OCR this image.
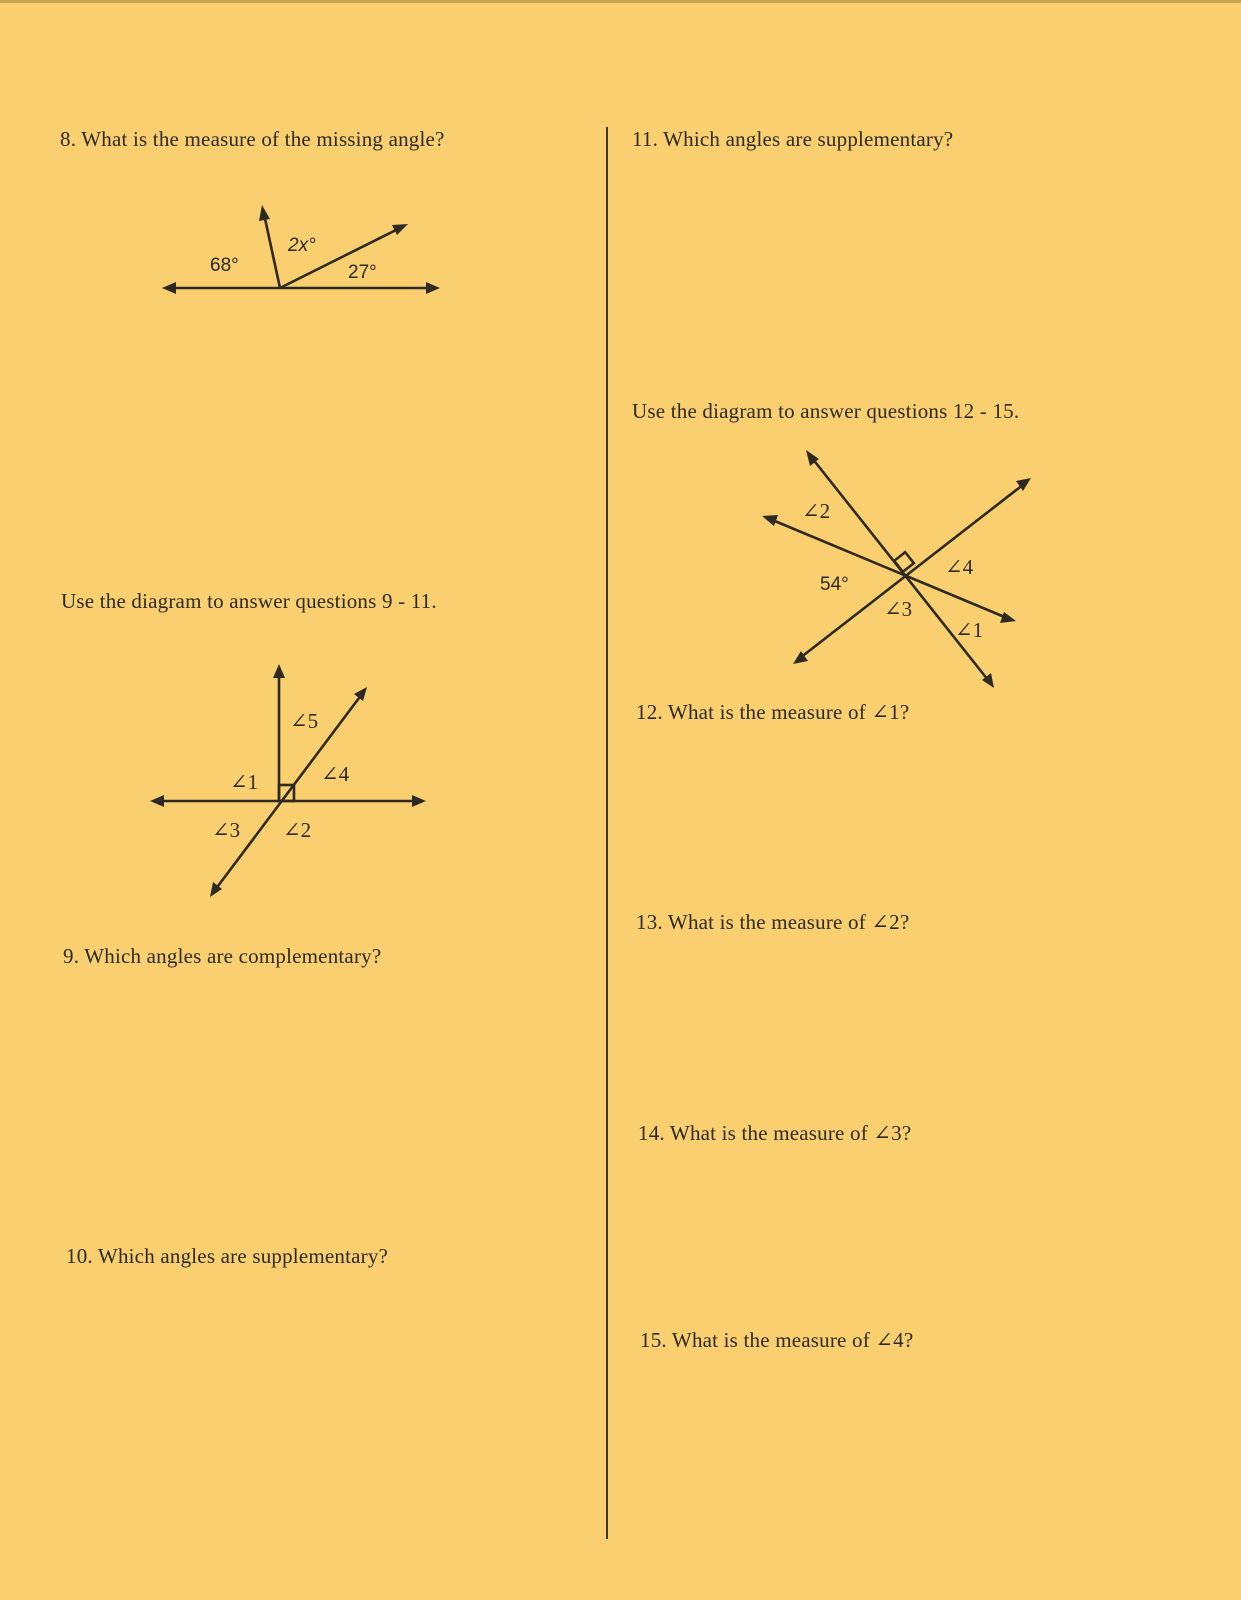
8. What is the measure of the missing angle?
Use the diagram to answer questions 9 - 11.
9. Which angles are complementary?
10. Which angles are supplementary?
11. Which angles are supplementary?
Use the diagram to answer questions 12 - 15.
12. What is the measure of ∠1?
13. What is the measure of ∠2?
14. What is the measure of ∠3?
15. What is the measure of ∠4?
68°
2x°
27°
∠5
∠1	∠4
∠3 ∠2
∠2
∠4
54°
∠3
∠1
